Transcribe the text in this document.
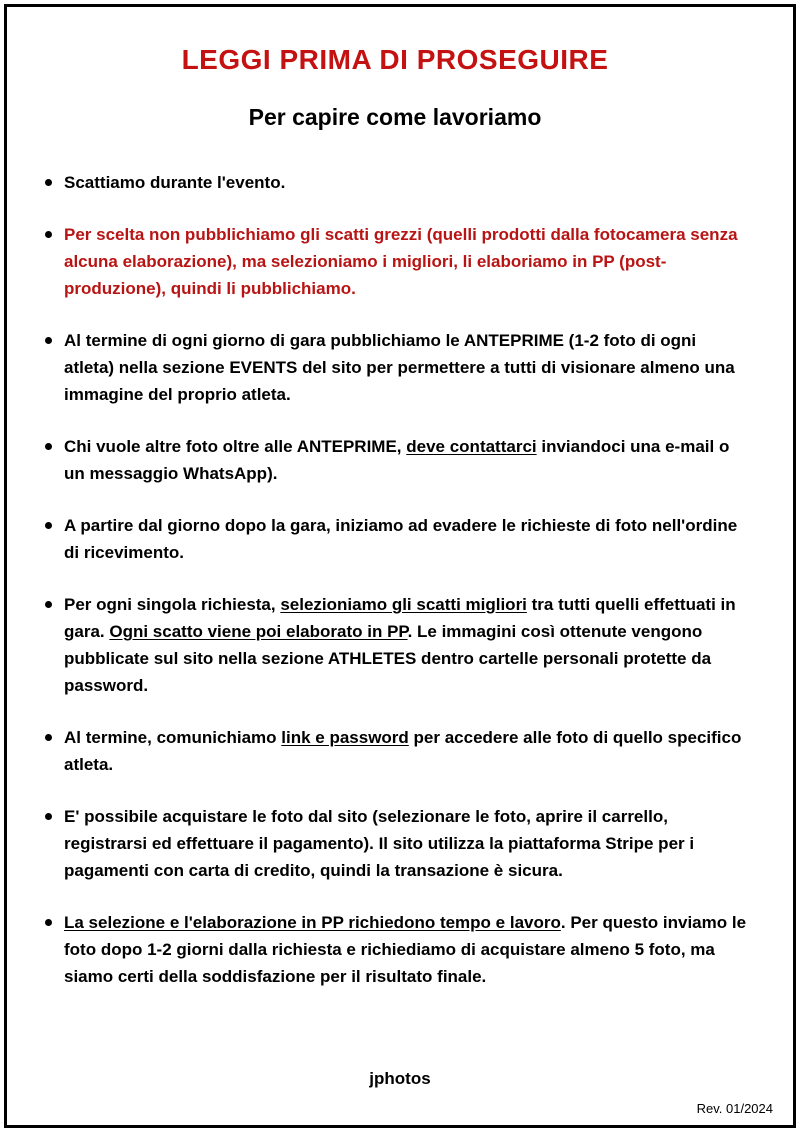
LEGGI PRIMA DI PROSEGUIRE
Per capire come lavoriamo
Scattiamo durante l'evento.
Per scelta non pubblichiamo gli scatti grezzi (quelli prodotti dalla fotocamera senza alcuna elaborazione), ma selezioniamo i migliori, li elaboriamo in PP (post-produzione), quindi li pubblichiamo.
Al termine di ogni giorno di gara pubblichiamo le ANTEPRIME (1-2 foto di ogni atleta) nella sezione EVENTS del sito per permettere a tutti di visionare almeno una immagine del proprio atleta.
Chi vuole altre foto oltre alle ANTEPRIME, deve contattarci inviandoci una e-mail o un messaggio WhatsApp).
A partire dal giorno dopo la gara, iniziamo ad evadere le richieste di foto nell'ordine di ricevimento.
Per ogni singola richiesta, selezioniamo gli scatti migliori tra tutti quelli effettuati in gara. Ogni scatto viene poi elaborato in PP. Le immagini così ottenute vengono pubblicate sul sito nella sezione ATHLETES dentro cartelle personali protette da password.
Al termine, comunichiamo link e password per accedere alle foto di quello specifico atleta.
E' possibile acquistare le foto dal sito (selezionare le foto, aprire il carrello, registrarsi ed effettuare il pagamento). Il sito utilizza la piattaforma Stripe per i pagamenti con carta di credito, quindi la transazione è sicura.
La selezione e l'elaborazione in PP richiedono tempo e lavoro. Per questo inviamo le foto dopo 1-2 giorni dalla richiesta e richiediamo di acquistare almeno 5 foto, ma siamo certi della soddisfazione per il risultato finale.
jphotos
Rev. 01/2024
